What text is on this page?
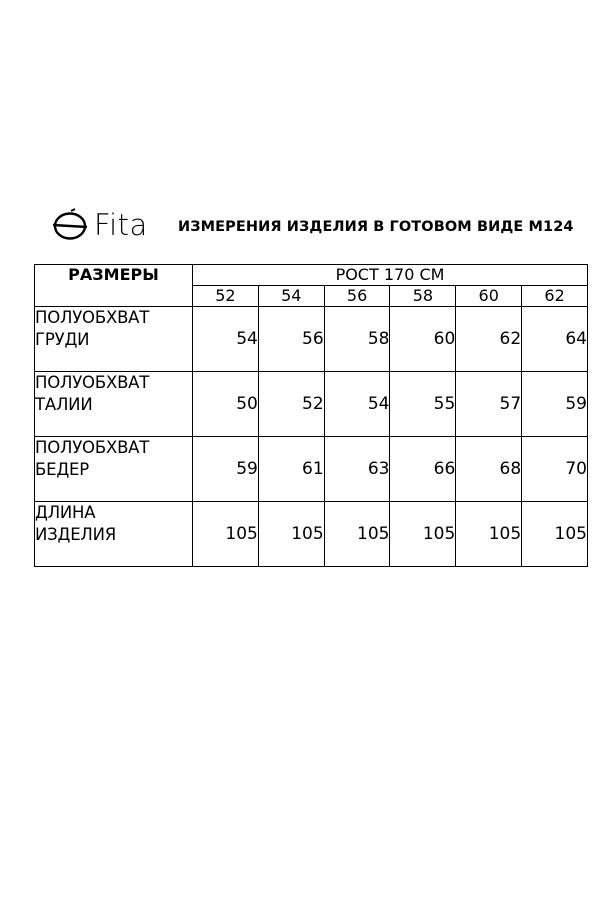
Fita ИЗМЕРЕНИЯ ИЗДЕЛИЯ В ГОТОВОМ ВИДЕ М124
РАЗМЕРЫ	РОСТ 170 СМ					
	52	54	56	58	60	62

ПОЛУОБХВАТ
ГРУДИ	54	56	58	60	62	64

ПОЛУОБХВАТ
ТАЛИИ	50	52	54	55	57	59

ПОЛУОБХВАТ
БЕДЕР	59	61	63	66	68	70

ДЛИНА
ИЗДЕЛИЯ	105	105	105	105	105	105
